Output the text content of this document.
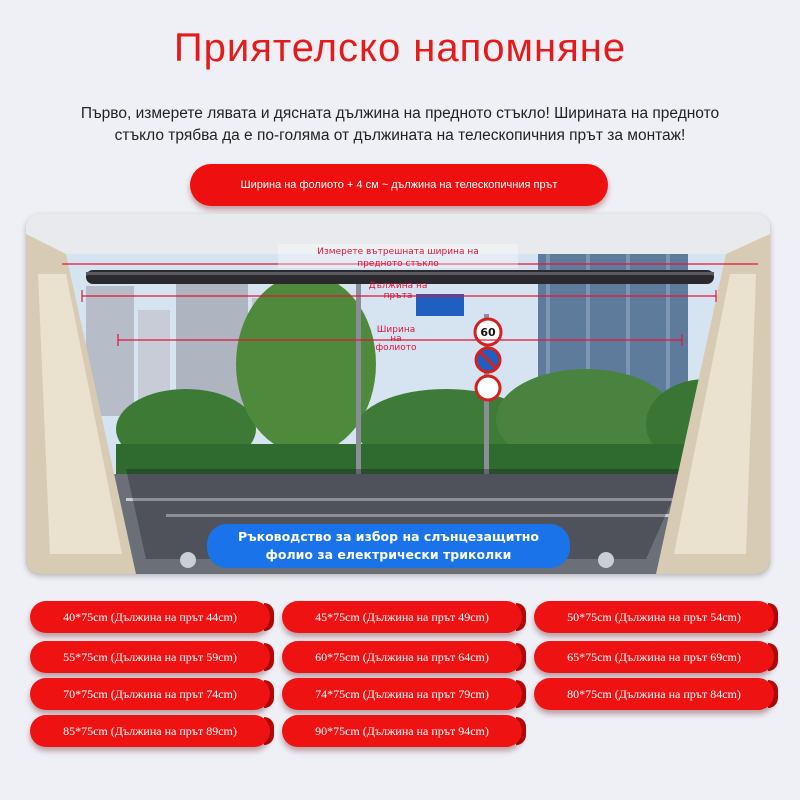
Приятелско напомняне
Първо, измерете лявата и дясната дължина на предното стъкло! Ширината на предното
стъкло трябва да е по-голяма от дължината на телескопичния прът за монтаж!
Ширина на фолиото + 4 см ~ дължина на телескопичния прът
60
Измерете вътрешната ширина на
предното стъкло
Дължина на
пръта
Ширина
на
фолиото
Ръководство за избор на слънцезащитно
фолио за електрически триколки
40*75cm (Дължина на прът 44cm)	45*75cm (Дължина на прът 49cm)	50*75cm (Дължина на прът 54cm)
55*75cm (Дължина на прът 59cm)	60*75cm (Дължина на прът 64cm)	65*75cm (Дължина на прът 69cm)
70*75cm (Дължина на прът 74cm)	74*75cm (Дължина на прът 79cm)	80*75cm (Дължина на прът 84cm)
85*75cm (Дължина на прът 89cm)	90*75cm (Дължина на прът 94cm)
